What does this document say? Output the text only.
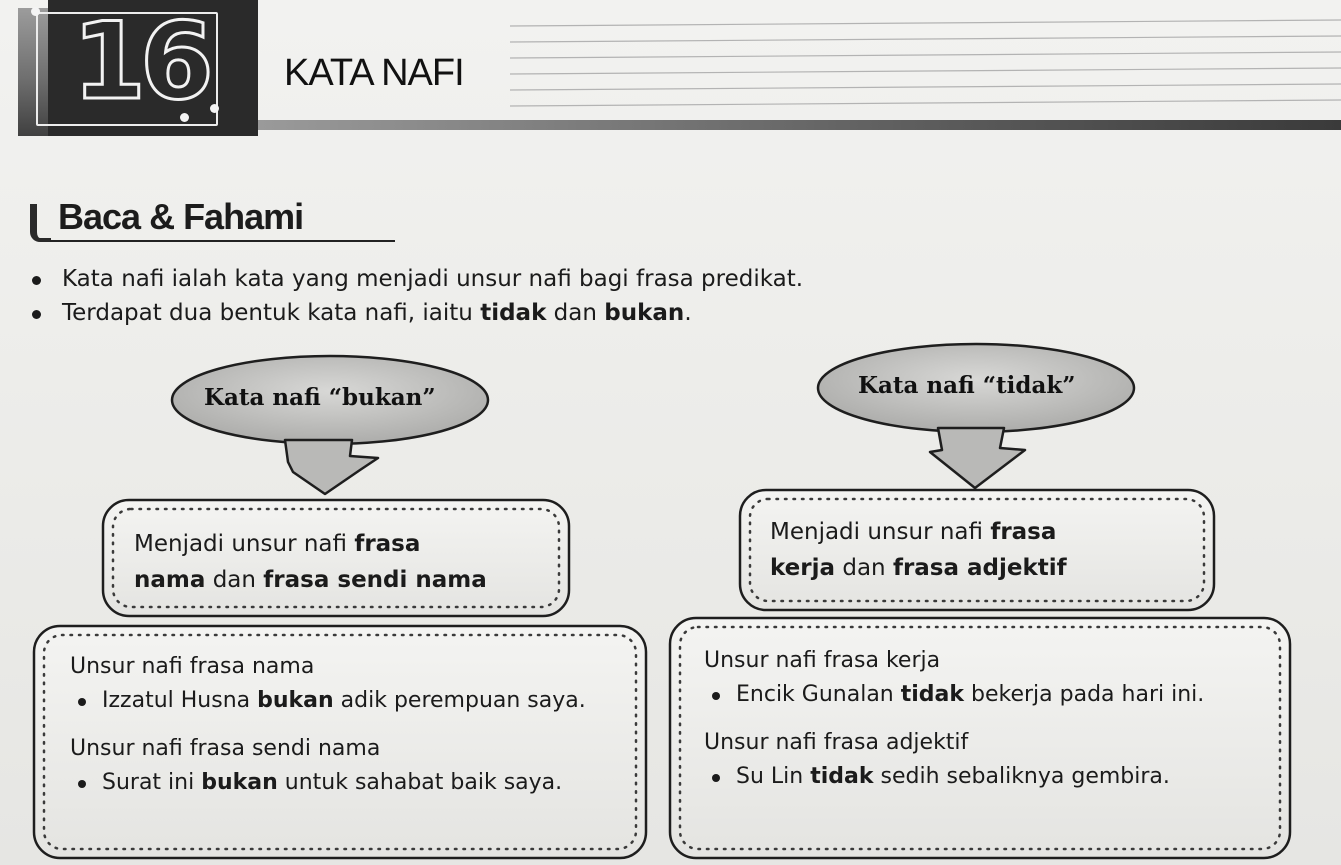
16 KATA NAFI
Baca & Fahami
Kata nafi ialah kata yang menjadi unsur nafi bagi frasa predikat.
Terdapat dua bentuk kata nafi, iaitu tidak dan bukan.
Kata nafi “bukan”	Kata nafi “tidak”
Menjadi unsur nafi frasa
nama dan frasa sendi nama
Menjadi unsur nafi frasa
kerja dan frasa adjektif
Unsur nafi frasa nama
Izzatul Husna bukan adik perempuan saya.
Unsur nafi frasa sendi nama
Surat ini bukan untuk sahabat baik saya.
Unsur nafi frasa kerja
Encik Gunalan tidak bekerja pada hari ini.
Unsur nafi frasa adjektif
Su Lin tidak sedih sebaliknya gembira.
